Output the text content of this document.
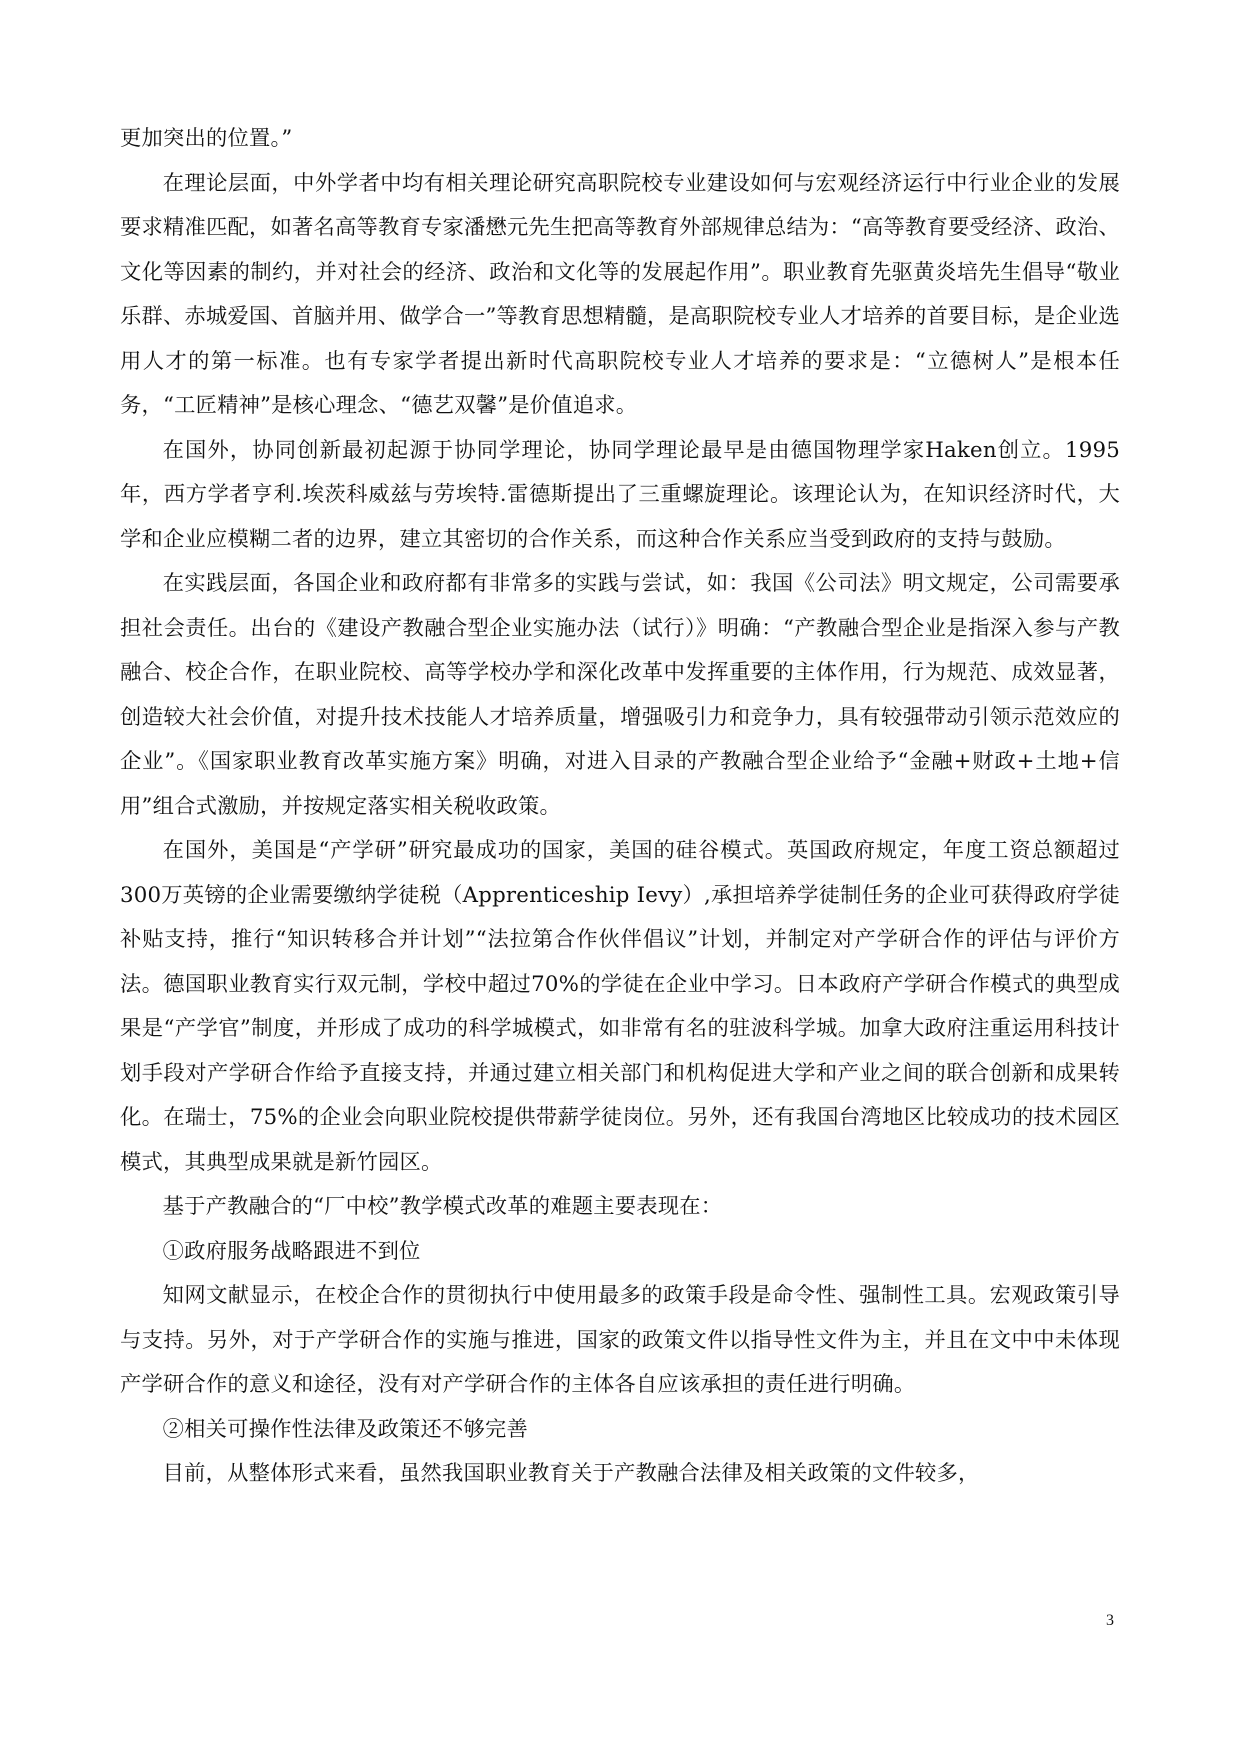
更加突出的位置。”

在理论层面，中外学者中均有相关理论研究高职院校专业建设如何与宏观经济运行中行业企业的发展要求精准匹配，如著名高等教育专家潘懋元先生把高等教育外部规律总结为：“高等教育要受经济、政治、文化等因素的制约，并对社会的经济、政治和文化等的发展起作用”。职业教育先驱黄炎培先生倡导“敬业乐群、赤城爱国、首脑并用、做学合一”等教育思想精髓，是高职院校专业人才培养的首要目标，是企业选用人才的第一标准。也有专家学者提出新时代高职院校专业人才培养的要求是：“立德树人”是根本任务，“工匠精神”是核心理念、“德艺双馨”是价值追求。

在国外，协同创新最初起源于协同学理论，协同学理论最早是由德国物理学家Haken创立。1995年，西方学者亨利.埃茨科威兹与劳埃特.雷德斯提出了三重螺旋理论。该理论认为，在知识经济时代，大学和企业应模糊二者的边界，建立其密切的合作关系，而这种合作关系应当受到政府的支持与鼓励。

在实践层面，各国企业和政府都有非常多的实践与尝试，如：我国《公司法》明文规定，公司需要承担社会责任。出台的《建设产教融合型企业实施办法（试行）》明确：“产教融合型企业是指深入参与产教融合、校企合作，在职业院校、高等学校办学和深化改革中发挥重要的主体作用，行为规范、成效显著，创造较大社会价值，对提升技术技能人才培养质量，增强吸引力和竞争力，具有较强带动引领示范效应的企业”。《国家职业教育改革实施方案》明确，对进入目录的产教融合型企业给予“金融+财政+土地+信用”组合式激励，并按规定落实相关税收政策。

在国外，美国是“产学研”研究最成功的国家，美国的硅谷模式。英国政府规定，年度工资总额超过300万英镑的企业需要缴纳学徒税（Apprenticeship Ievy）,承担培养学徒制任务的企业可获得政府学徒补贴支持，推行“知识转移合并计划”“法拉第合作伙伴倡议”计划，并制定对产学研合作的评估与评价方法。德国职业教育实行双元制，学校中超过70%的学徒在企业中学习。日本政府产学研合作模式的典型成果是“产学官”制度，并形成了成功的科学城模式，如非常有名的驻波科学城。加拿大政府注重运用科技计划手段对产学研合作给予直接支持，并通过建立相关部门和机构促进大学和产业之间的联合创新和成果转化。在瑞士，75%的企业会向职业院校提供带薪学徒岗位。另外，还有我国台湾地区比较成功的技术园区模式，其典型成果就是新竹园区。

基于产教融合的“厂中校”教学模式改革的难题主要表现在：

①政府服务战略跟进不到位

知网文献显示，在校企合作的贯彻执行中使用最多的政策手段是命令性、强制性工具。宏观政策引导与支持。另外，对于产学研合作的实施与推进，国家的政策文件以指导性文件为主，并且在文中中未体现产学研合作的意义和途径，没有对产学研合作的主体各自应该承担的责任进行明确。

②相关可操作性法律及政策还不够完善

目前，从整体形式来看，虽然我国职业教育关于产教融合法律及相关政策的文件较多，

3
